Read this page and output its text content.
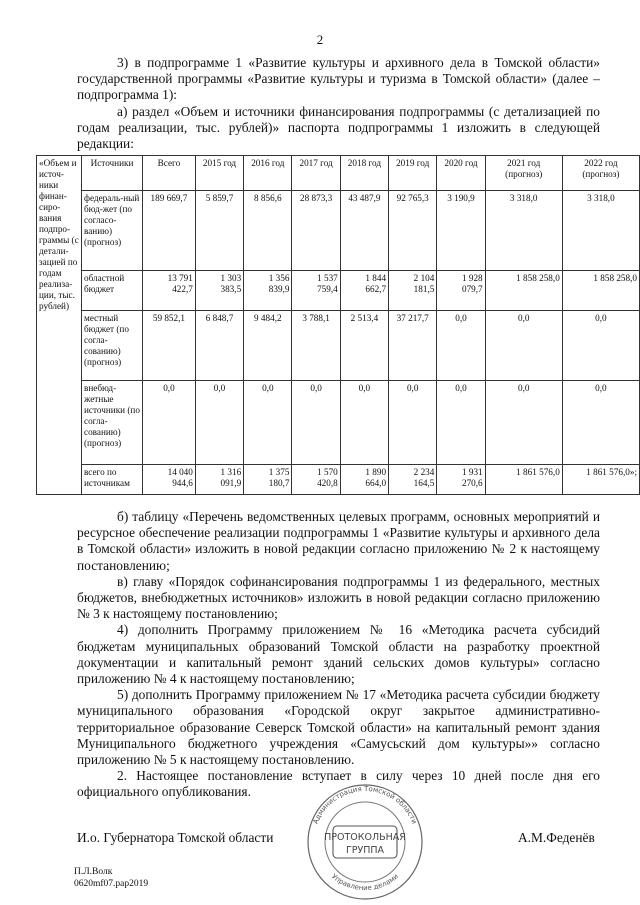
2

3) в подпрограмме 1 «Развитие культуры и архивного дела в Томской области» государственной программы «Развитие культуры и туризма в Томской области» (далее – подпрограмма 1):

а) раздел «Объем и источники финансирования подпрограммы (с детализацией по годам реализации, тыс. рублей)» паспорта подпрограммы 1 изложить в следующей редакции:

«Объем и источ-ники финан-сиро-вания подпро-граммы (с детали-зацией по годам реализа-ции, тыс. рублей)	Источники	Всего	2015 год	2016 год	2017 год	2018 год	2019 год	2020 год	2021 год (прогноз)	2022 год (прогноз)
	федераль-ный бюд-жет (по согласо-ванию) (прогноз)	189 669,7	5 859,7	8 856,6	28 873,3	43 487,9	92 765,3	3 190,9	3 318,0	3 318,0
	областной бюджет	13 791 422,7	1 303 383,5	1 356 839,9	1 537 759,4	1 844 662,7	2 104 181,5	1 928 079,7	1 858 258,0	1 858 258,0
	местный бюджет (по согла-сованию) (прогноз)	59 852,1	6 848,7	9 484,2	3 788,1	2 513,4	37 217,7	0,0	0,0	0,0
	внебюд-жетные источники (по согла-сованию) (прогноз)	0,0	0,0	0,0	0,0	0,0	0,0	0,0	0,0	0,0
	всего по источникам	14 040 944,6	1 316 091,9	1 375 180,7	1 570 420,8	1 890 664,0	2 234 164,5	1 931 270,6	1 861 576,0	1 861 576,0»;

б) таблицу «Перечень ведомственных целевых программ, основных мероприятий и ресурсное обеспечение реализации подпрограммы 1 «Развитие культуры и архивного дела в Томской области» изложить в новой редакции согласно приложению № 2 к настоящему постановлению;

в) главу «Порядок софинансирования подпрограммы 1 из федерального, местных бюджетов, внебюджетных источников» изложить в новой редакции согласно приложению № 3 к настоящему постановлению;

4) дополнить Программу приложением № 16 «Методика расчета субсидий бюджетам муниципальных образований Томской области на разработку проектной документации и капитальный ремонт зданий сельских домов культуры» согласно приложению № 4 к настоящему постановлению;

5) дополнить Программу приложением № 17 «Методика расчета субсидии бюджету муниципального образования «Городской округ закрытое административно-территориальное образование Северск Томской области» на капитальный ремонт здания Муниципального бюджетного учреждения «Самусьский дом культуры»» согласно приложению № 5 к настоящему постановлению.

2. Настоящее постановление вступает в силу через 10 дней после дня его официального опубликования.

И.о. Губернатора Томской области	А.М.Феденёв
Администрация Томской области
Управление делами
ПРОТОКОЛЬНАЯ
ГРУППА
П.Л.Волк
0620mf07.pap2019
